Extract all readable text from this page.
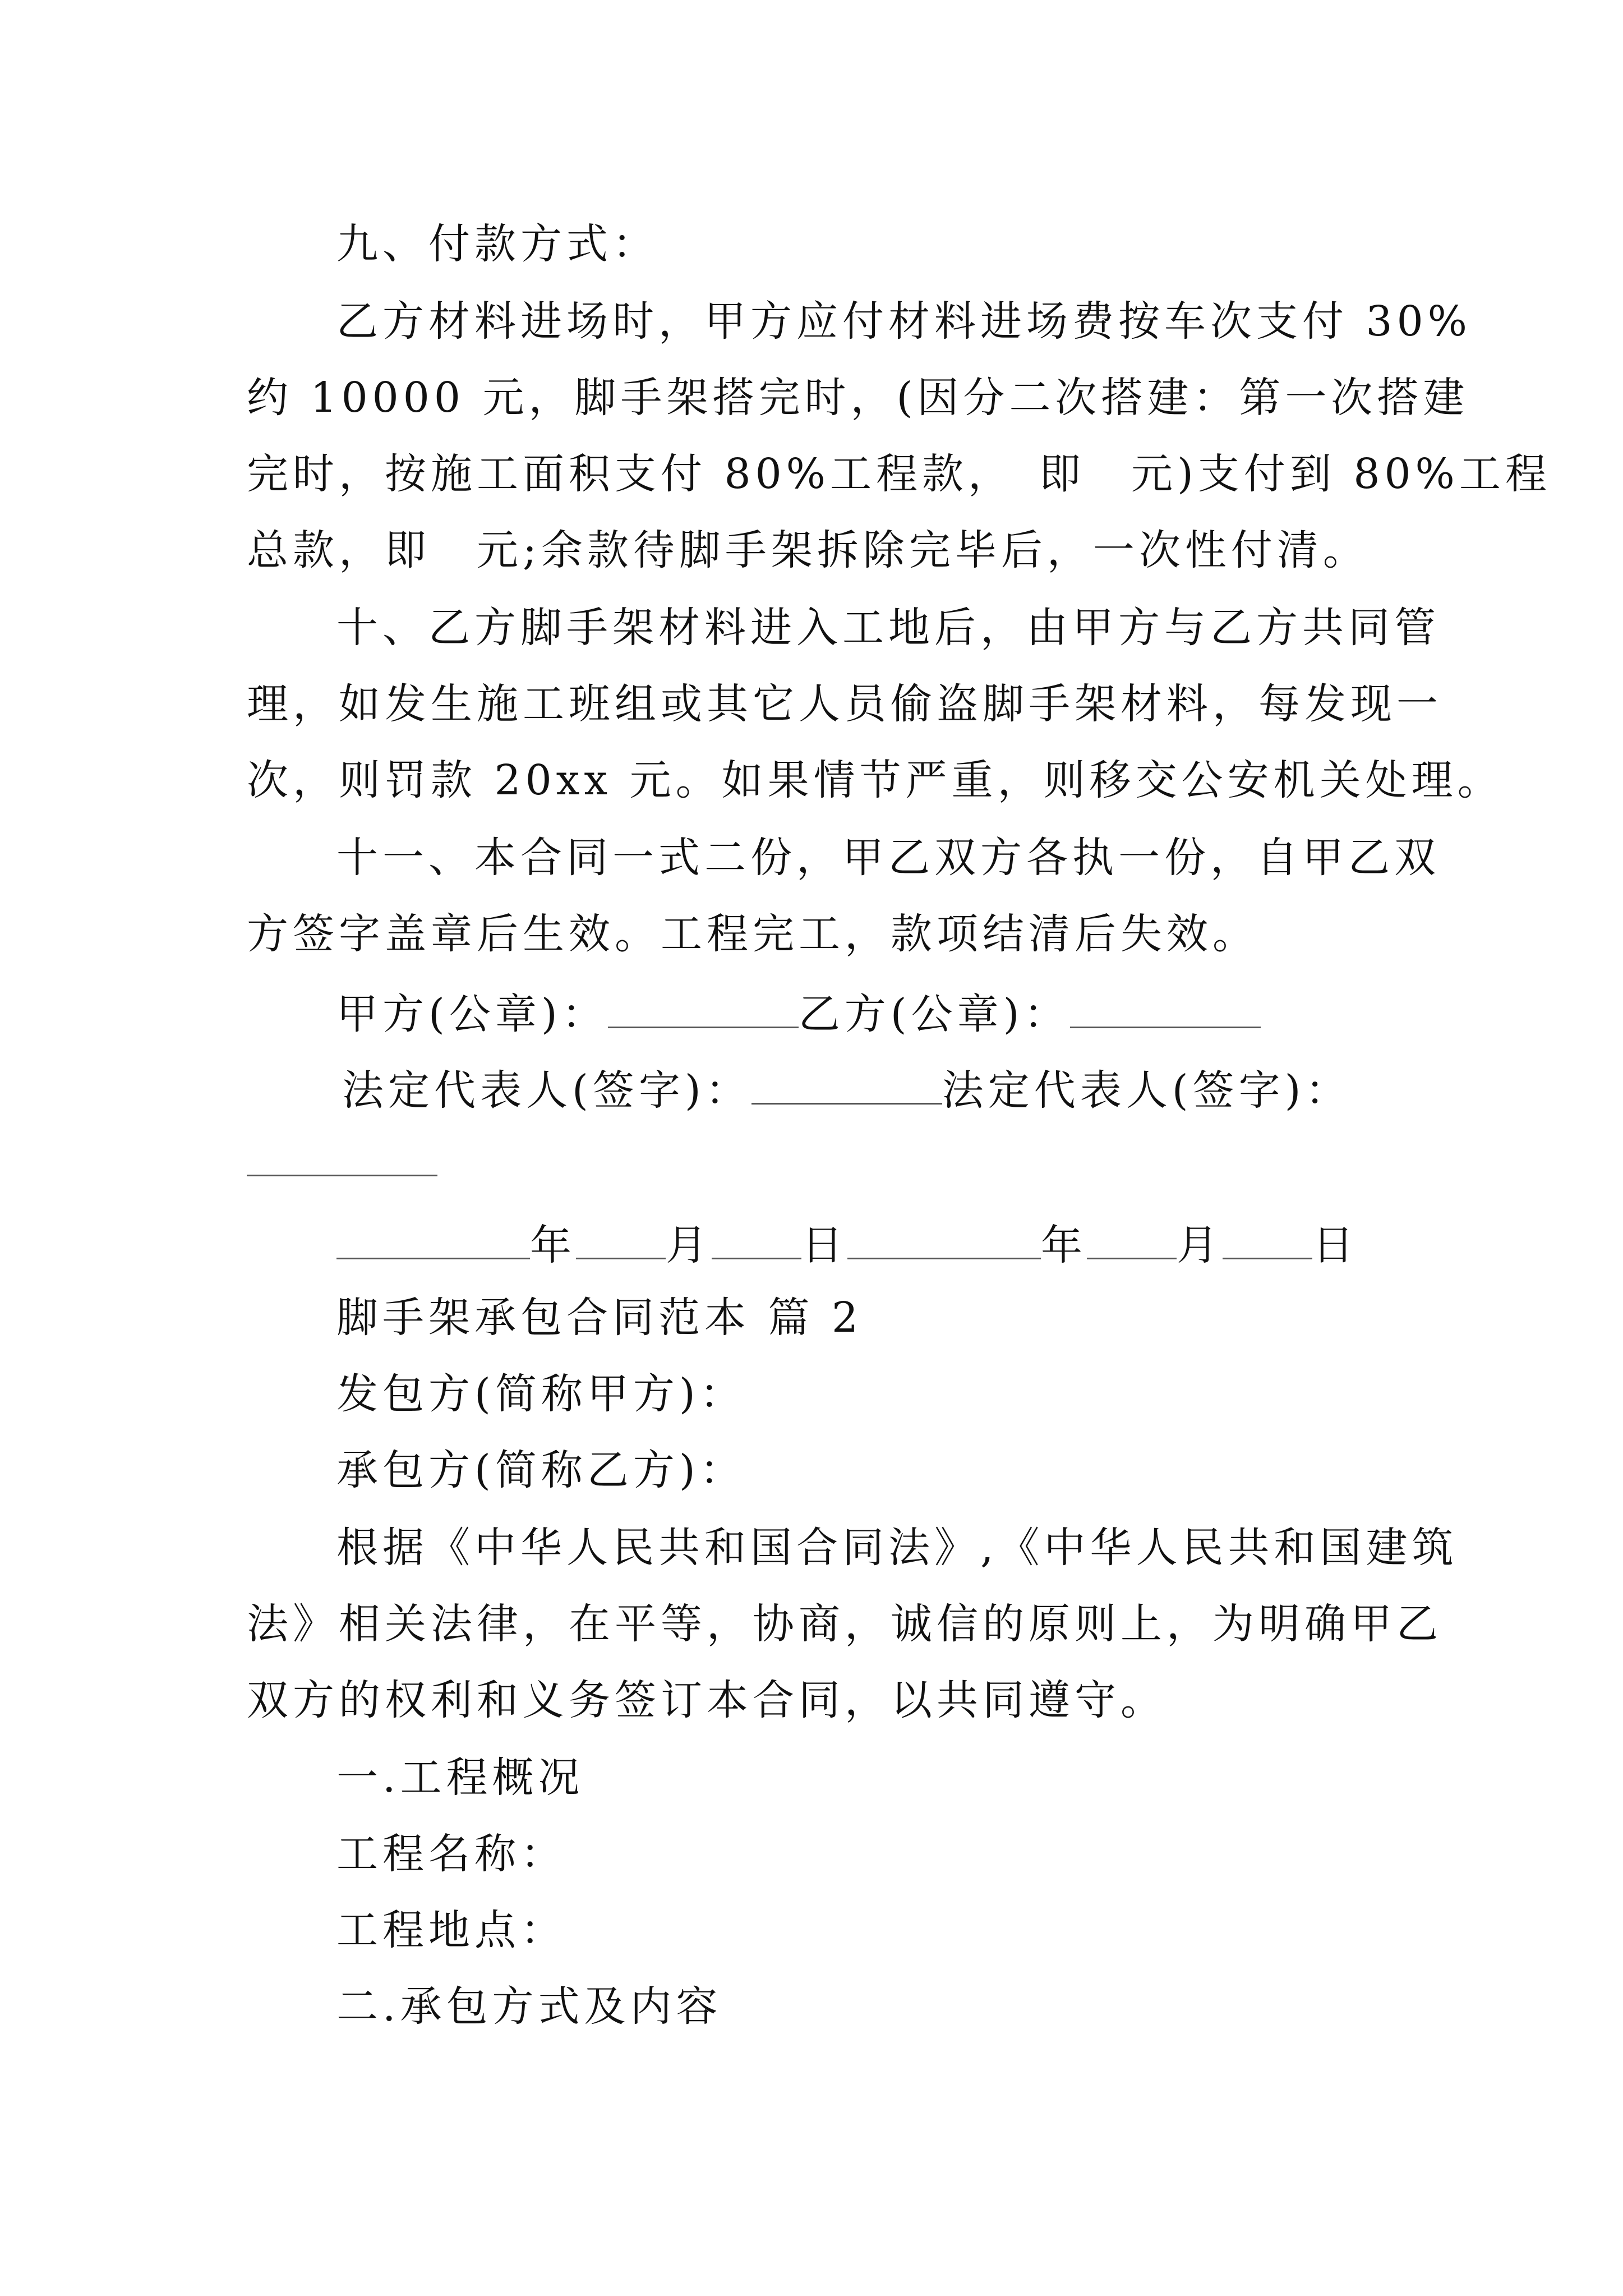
九、付款方式：
乙方材料进场时，甲方应付材料进场费按车次支付 30%
约 10000 元，脚手架搭完时，(因分二次搭建：第一次搭建
完时，按施工面积支付 80%工程款，　即　元)支付到 80%工程
总款，即　元;余款待脚手架拆除完毕后，一次性付清。
十、乙方脚手架材料进入工地后，由甲方与乙方共同管
理，如发生施工班组或其它人员偷盗脚手架材料，每发现一
次，则罚款 20xx 元。如果情节严重，则移交公安机关处理。
十一、本合同一式二份，甲乙双方各执一份，自甲乙双
方签字盖章后生效。工程完工，款项结清后失效。
甲方(公章)：	乙方(公章)：
法定代表人(签字)：	法定代表人(签字)：
年 月 日	年 月 日
脚手架承包合同范本 篇 2
发包方(简称甲方)：
承包方(简称乙方)：
根据《中华人民共和国合同法》,《中华人民共和国建筑
法》相关法律，在平等，协商，诚信的原则上，为明确甲乙
双方的权利和义务签订本合同，以共同遵守。
一.工程概况
工程名称：
工程地点：
二.承包方式及内容
